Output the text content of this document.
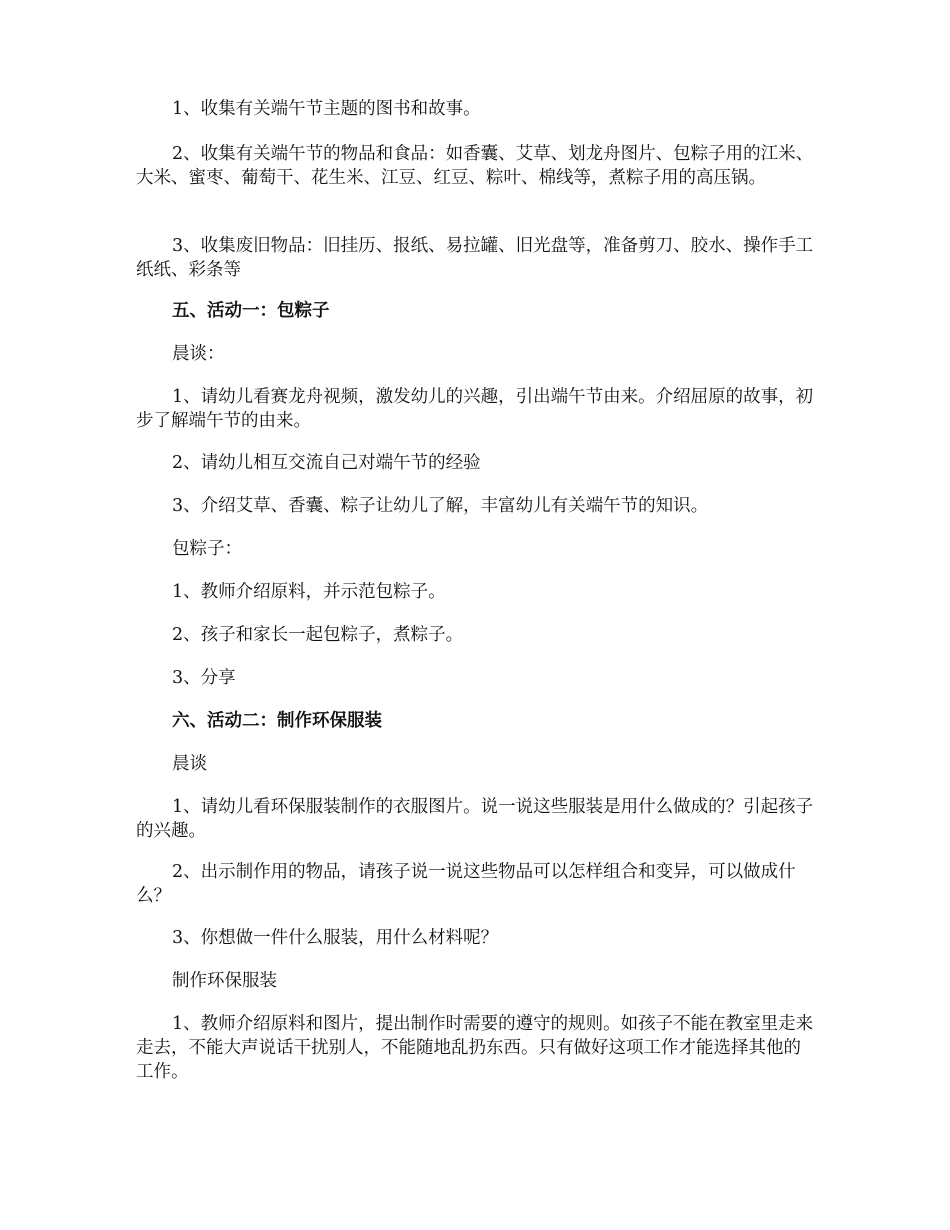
1、收集有关端午节主题的图书和故事。

2、收集有关端午节的物品和食品：如香囊、艾草、划龙舟图片、包粽子用的江米、大米、蜜枣、葡萄干、花生米、江豆、红豆、粽叶、棉线等，煮粽子用的高压锅。

3、收集废旧物品：旧挂历、报纸、易拉罐、旧光盘等，准备剪刀、胶水、操作手工纸纸、彩条等

五、活动一：包粽子

晨谈：

1、请幼儿看赛龙舟视频，激发幼儿的兴趣，引出端午节由来。介绍屈原的故事，初步了解端午节的由来。

2、请幼儿相互交流自己对端午节的经验

3、介绍艾草、香囊、粽子让幼儿了解，丰富幼儿有关端午节的知识。

包粽子：

1、教师介绍原料，并示范包粽子。

2、孩子和家长一起包粽子，煮粽子。

3、分享

六、活动二：制作环保服装

晨谈

1、请幼儿看环保服装制作的衣服图片。说一说这些服装是用什么做成的？引起孩子的兴趣。

2、出示制作用的物品，请孩子说一说这些物品可以怎样组合和变异，可以做成什么？

3、你想做一件什么服装，用什么材料呢？

制作环保服装

1、教师介绍原料和图片，提出制作时需要的遵守的规则。如孩子不能在教室里走来走去，不能大声说话干扰别人，不能随地乱扔东西。只有做好这项工作才能选择其他的工作。
